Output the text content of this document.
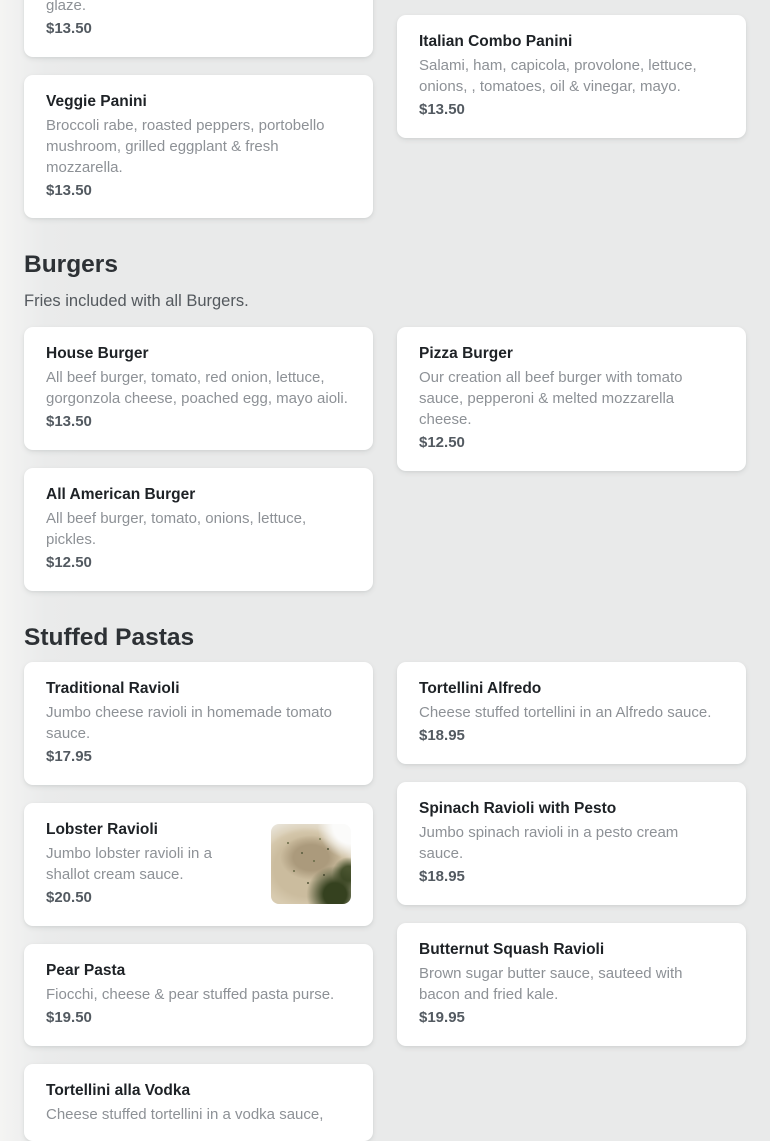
glaze.

$13.50

Veggie Panini

Broccoli rabe, roasted peppers, portobello mushroom, grilled eggplant & fresh mozzarella.

$13.50

Italian Combo Panini

Salami, ham, capicola, provolone, lettuce, onions, , tomatoes, oil & vinegar, mayo.

$13.50

Burgers

Fries included with all Burgers.

House Burger

All beef burger, tomato, red onion, lettuce, gorgonzola cheese, poached egg, mayo aioli.

$13.50

All American Burger

All beef burger, tomato, onions, lettuce, pickles.

$12.50

Pizza Burger

Our creation all beef burger with tomato sauce, pepperoni & melted mozzarella cheese.

$12.50

Stuffed Pastas
Traditional Ravioli

Jumbo cheese ravioli in homemade tomato sauce.

$17.95

Lobster Ravioli

Jumbo lobster ravioli in a shallot cream sauce.

$20.50

Pear Pasta

Fiocchi, cheese & pear stuffed pasta purse.

$19.50

Tortellini alla Vodka

Cheese stuffed tortellini in a vodka sauce,

Tortellini Alfredo

Cheese stuffed tortellini in an Alfredo sauce.

$18.95

Spinach Ravioli with Pesto

Jumbo spinach ravioli in a pesto cream sauce.

$18.95

Butternut Squash Ravioli

Brown sugar butter sauce, sauteed with bacon and fried kale.

$19.95
